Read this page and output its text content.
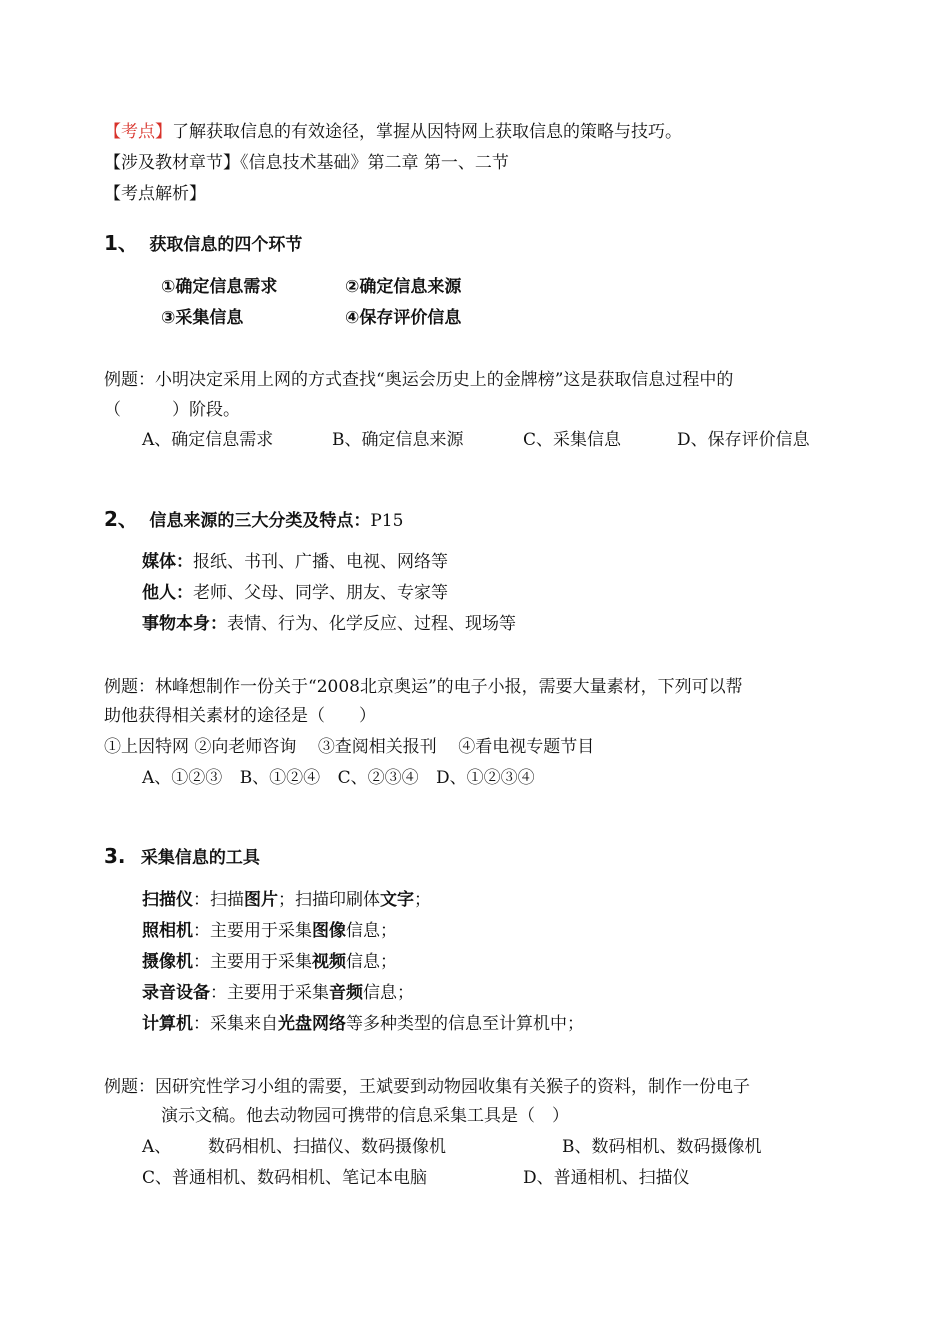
【考点】了解获取信息的有效途径，掌握从因特网上获取信息的策略与技巧。
【涉及教材章节】《信息技术基础》第二章 第一、二节
【考点解析】
1、 获取信息的四个环节
①确定信息需求	②确定信息来源
③采集信息	④保存评价信息
例题：小明决定采用上网的方式查找“奥运会历史上的金牌榜”这是获取信息过程中的
（　　　）阶段。
A、确定信息需求	B、确定信息来源	C、采集信息	D、保存评价信息
2、 信息来源的三大分类及特点：P15
媒体：报纸、书刊、广播、电视、网络等
他人：老师、父母、同学、朋友、专家等
事物本身：表情、行为、化学反应、过程、现场等
例题：林峰想制作一份关于“2008北京奥运”的电子小报，需要大量素材，下列可以帮
助他获得相关素材的途径是（　　）
①上因特网 ②向老师咨询 ③查阅相关报刊 ④看电视专题节目
A、①②③ B、①②④ C、②③④ D、①②③④
3. 采集信息的工具
扫描仪：扫描图片；扫描印刷体文字；
照相机：主要用于采集图像信息；
摄像机：主要用于采集视频信息；
录音设备：主要用于采集音频信息；
计算机：采集来自光盘网络等多种类型的信息至计算机中；
例题：因研究性学习小组的需要，王斌要到动物园收集有关猴子的资料，制作一份电子
演示文稿。他去动物园可携带的信息采集工具是（　）
A、 数码相机、扫描仪、数码摄像机	B、数码相机、数码摄像机
C、普通相机、数码相机、笔记本电脑	D、普通相机、扫描仪
